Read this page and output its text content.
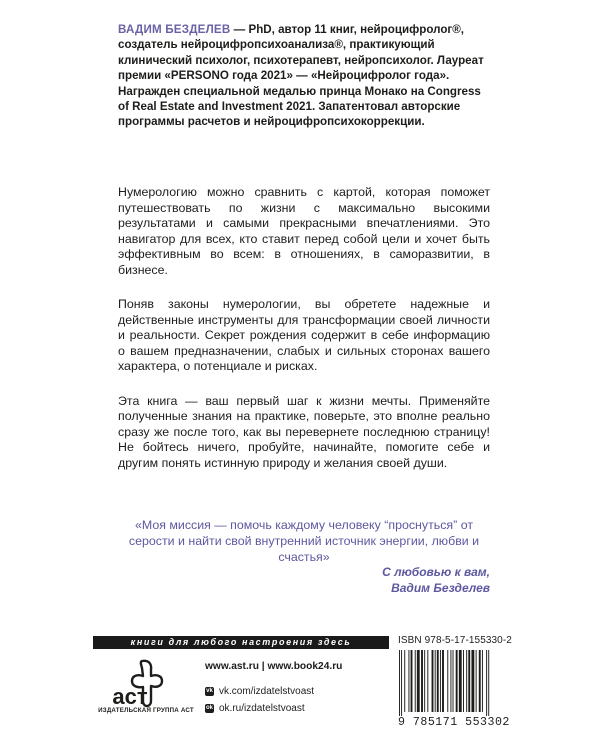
ВАДИМ БЕЗДЕЛЕВ — PhD, автор 11 книг, нейроцифролог®, создатель нейроцифропсихоанализа®, практикующий клинический психолог, психотерапевт, нейропсихолог. Лауреат премии «PERSONO года 2021» — «Нейроцифролог года». Награжден специальной медалью принца Монако на Congress of Real Estate and Investment 2021. Запатентовал авторские программы расчетов и нейроцифропсихокоррекции.

Нумерологию можно сравнить с картой, которая поможет путешествовать по жизни с максимально высокими результатами и самыми прекрасными впечатлениями. Это навигатор для всех, кто ставит перед собой цели и хочет быть эффективным во всем: в отношениях, в саморазвитии, в бизнесе.

Поняв законы нумерологии, вы обретете надежные и действенные инструменты для трансформации своей личности и реальности. Секрет рождения содержит в себе информацию о вашем предназначении, слабых и сильных сторонах вашего характера, о потенциале и рисках.

Эта книга — ваш первый шаг к жизни мечты. Применяйте полученные знания на практике, поверьте, это вполне реально сразу же после того, как вы перевернете последнюю страницу! Не бойтесь ничего, пробуйте, начинайте, помогите себе и другим понять истинную природу и желания своей души.

«Моя миссия — помочь каждому человеку “проснуться” от серости и найти свой внутренний источник энергии, любви и счастья»

С любовью к вам,
Вадим Безделев
книги для любого настроения здесь	ISBN 978-5-17-155330-2
аст
ИЗДАТЕЛЬСКАЯ ГРУППА АСТ
www.ast.ru | www.book24.ru
vk vk.com/izdatelstvoast
ok ok.ru/izdatelstvoast
9 785171 553302
